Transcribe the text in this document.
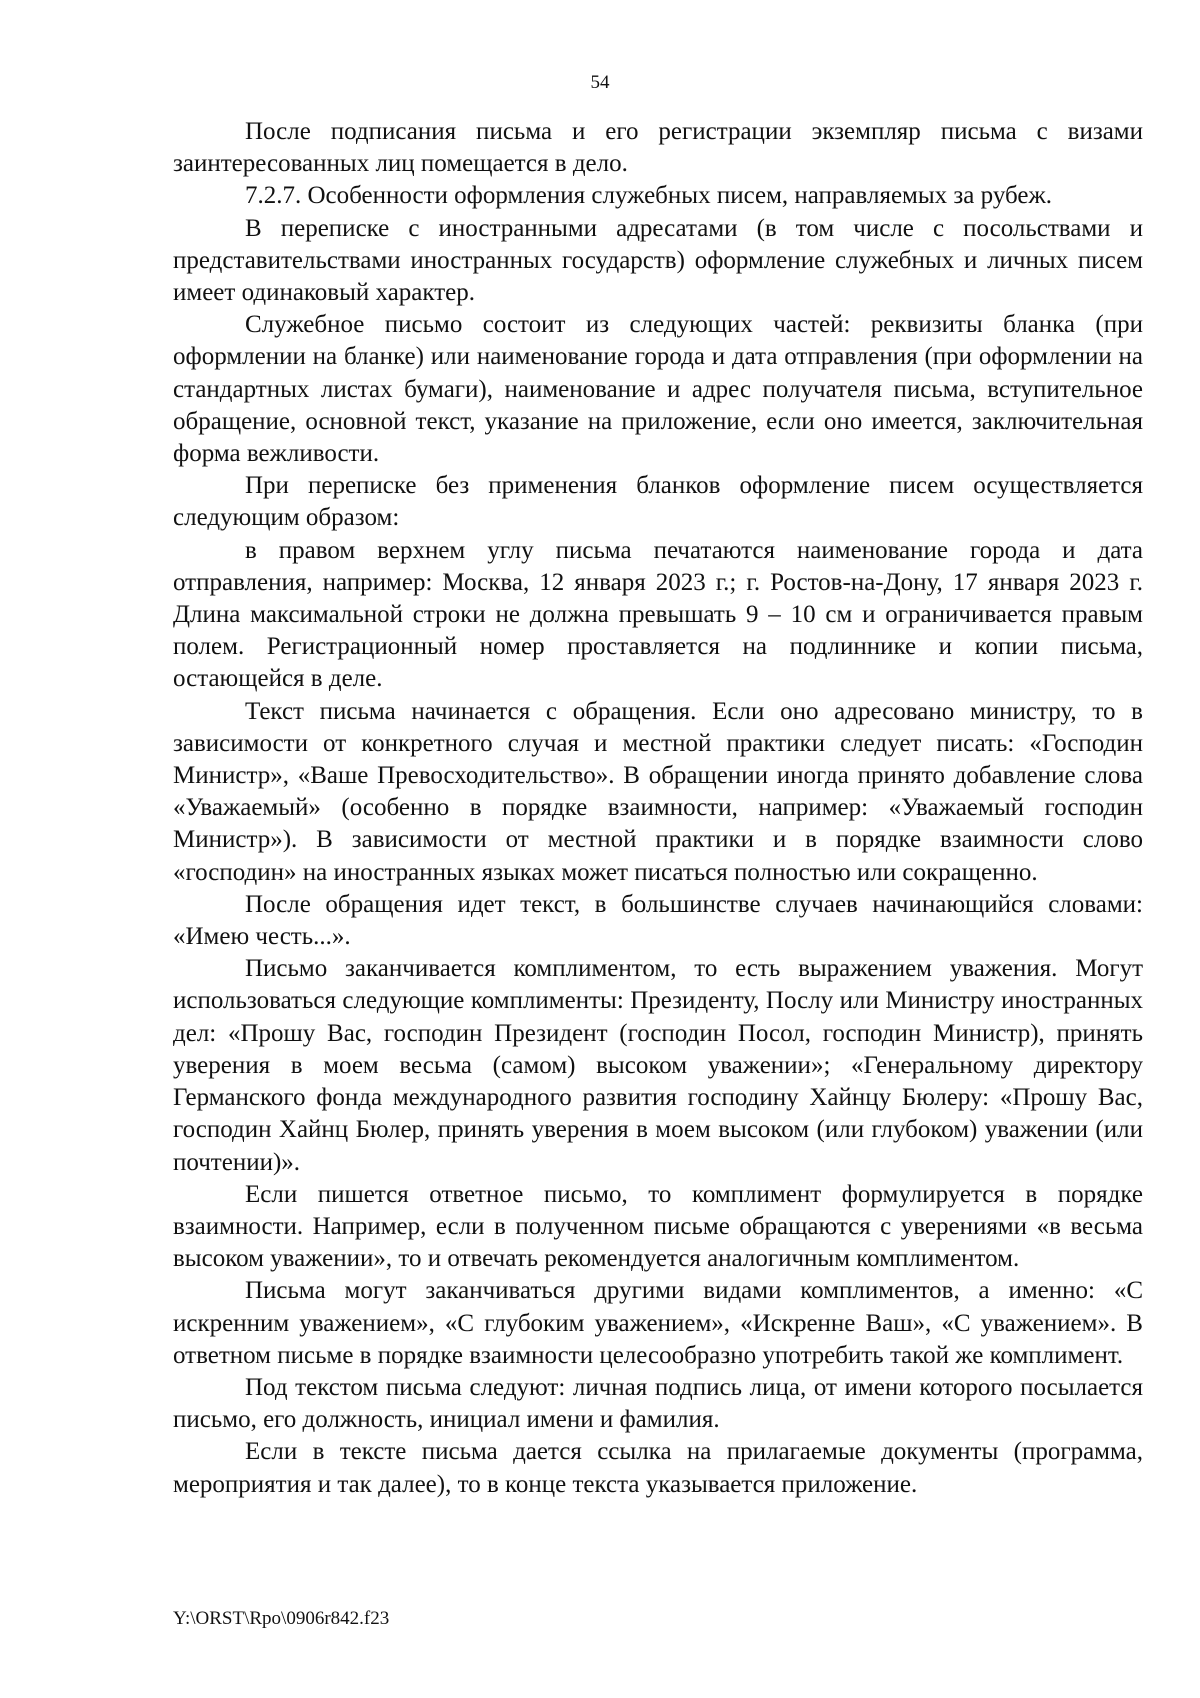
54

После подписания письма и его регистрации экземпляр письма с визами заинтересованных лиц помещается в дело.

7.2.7. Особенности оформления служебных писем, направляемых за рубеж.

В переписке с иностранными адресатами (в том числе с посольствами и представительствами иностранных государств) оформление служебных и личных писем имеет одинаковый характер.

Служебное письмо состоит из следующих частей: реквизиты бланка (при оформлении на бланке) или наименование города и дата отправления (при оформлении на стандартных листах бумаги), наименование и адрес получателя письма, вступительное обращение, основной текст, указание на приложение, если оно имеется, заключительная форма вежливости.

При переписке без применения бланков оформление писем осуществляется следующим образом:

в правом верхнем углу письма печатаются наименование города и дата отправления, например: Москва, 12 января 2023 г.; г. Ростов-на-Дону, 17 января 2023 г. Длина максимальной строки не должна превышать 9 – 10 см и ограничивается правым полем. Регистрационный номер проставляется на подлиннике и копии письма, остающейся в деле.

Текст письма начинается с обращения. Если оно адресовано министру, то в зависимости от конкретного случая и местной практики следует писать: «Господин Министр», «Ваше Превосходительство». В обращении иногда принято добавление слова «Уважаемый» (особенно в порядке взаимности, например: «Уважаемый господин Министр»). В зависимости от местной практики и в порядке взаимности слово «господин» на иностранных языках может писаться полностью или сокращенно.

После обращения идет текст, в большинстве случаев начинающийся словами: «Имею честь...».

Письмо заканчивается комплиментом, то есть выражением уважения. Могут использоваться следующие комплименты: Президенту, Послу или Министру иностранных дел: «Прошу Вас, господин Президент (господин Посол, господин Министр), принять уверения в моем весьма (самом) высоком уважении»; «Генеральному директору Германского фонда международного развития господину Хайнцу Бюлеру: «Прошу Вас, господин Хайнц Бюлер, принять уверения в моем высоком (или глубоком) уважении (или почтении)».

Если пишется ответное письмо, то комплимент формулируется в порядке взаимности. Например, если в полученном письме обращаются с уверениями «в весьма высоком уважении», то и отвечать рекомендуется аналогичным комплиментом.

Письма могут заканчиваться другими видами комплиментов, а именно: «С искренним уважением», «С глубоким уважением», «Искренне Ваш», «С уважением». В ответном письме в порядке взаимности целесообразно употребить такой же комплимент.

Под текстом письма следуют: личная подпись лица, от имени которого посылается письмо, его должность, инициал имени и фамилия.

Если в тексте письма дается ссылка на прилагаемые документы (программа, мероприятия и так далее), то в конце текста указывается приложение.

Y:\ORST\Rpo\0906r842.f23
